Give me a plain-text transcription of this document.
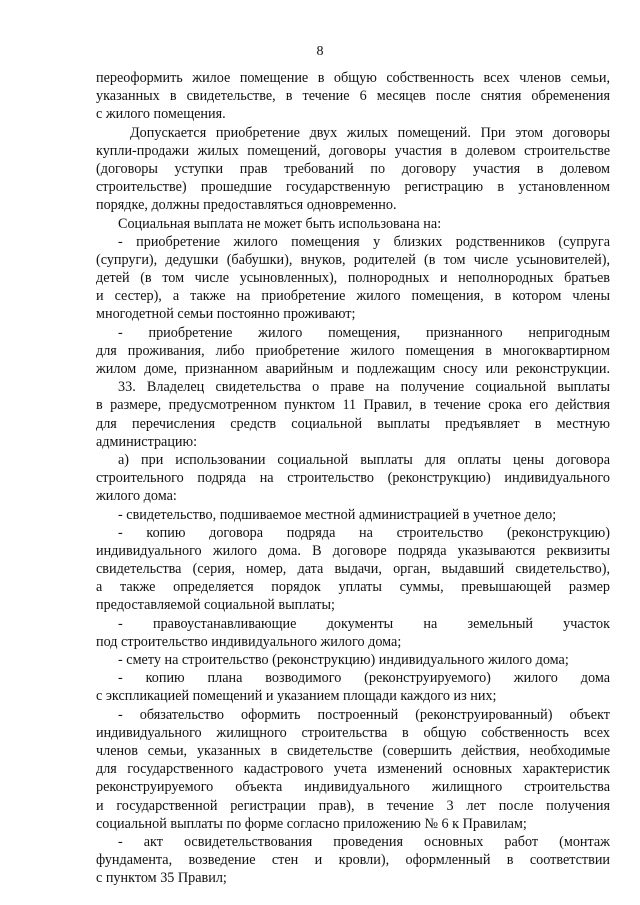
8
переоформить жилое помещение в общую собственность всех членов семьи,
указанных в свидетельстве, в течение 6 месяцев после снятия обременения
с жилого помещения.
Допускается приобретение двух жилых помещений. При этом договоры
купли-продажи жилых помещений, договоры участия в долевом строительстве
(договоры уступки прав требований по договору участия в долевом
строительстве) прошедшие государственную регистрацию в установленном
порядке, должны предоставляться одновременно.
Социальная выплата не может быть использована на:
- приобретение жилого помещения у близких родственников (супруга
(супруги), дедушки (бабушки), внуков, родителей (в том числе усыновителей),
детей (в том числе усыновленных), полнородных и неполнородных братьев
и сестер), а также на приобретение жилого помещения, в котором члены
многодетной семьи постоянно проживают;
- приобретение жилого помещения, признанного непригодным
для проживания, либо приобретение жилого помещения в многоквартирном
жилом доме, признанном аварийным и подлежащим сносу или реконструкции.
33. Владелец свидетельства о праве на получение социальной выплаты
в размере, предусмотренном пунктом 11 Правил, в течение срока его действия
для перечисления средств социальной выплаты предъявляет в местную
администрацию:
а) при использовании социальной выплаты для оплаты цены договора
строительного подряда на строительство (реконструкцию) индивидуального
жилого дома:
- свидетельство, подшиваемое местной администрацией в учетное дело;
- копию договора подряда на строительство (реконструкцию)
индивидуального жилого дома. В договоре подряда указываются реквизиты
свидетельства (серия, номер, дата выдачи, орган, выдавший свидетельство),
а также определяется порядок уплаты суммы, превышающей размер
предоставляемой социальной выплаты;
- правоустанавливающие документы на земельный участок
под строительство индивидуального жилого дома;
- смету на строительство (реконструкцию) индивидуального жилого дома;
- копию плана возводимого (реконструируемого) жилого дома
с экспликацией помещений и указанием площади каждого из них;
- обязательство оформить построенный (реконструированный) объект
индивидуального жилищного строительства в общую собственность всех
членов семьи, указанных в свидетельстве (совершить действия, необходимые
для государственного кадастрового учета изменений основных характеристик
реконструируемого объекта индивидуального жилищного строительства
и государственной регистрации прав), в течение 3 лет после получения
социальной выплаты по форме согласно приложению № 6 к Правилам;
- акт освидетельствования проведения основных работ (монтаж
фундамента, возведение стен и кровли), оформленный в соответствии
с пунктом 35 Правил;
